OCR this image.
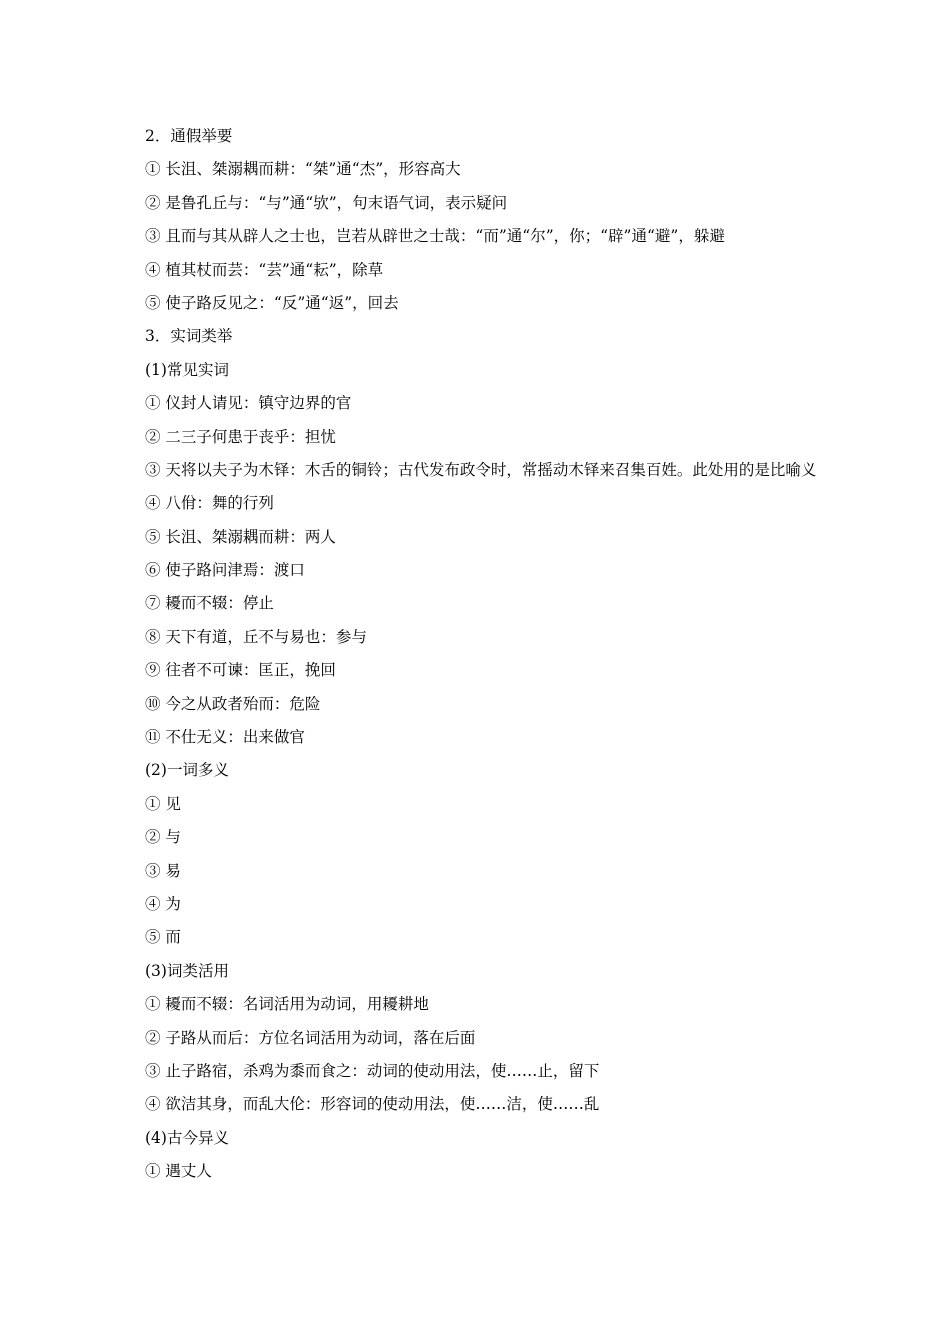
2．通假举要
① 长沮、桀溺耦而耕：“桀”通“杰”，形容高大
② 是鲁孔丘与：“与”通“欤”，句末语气词，表示疑问
③ 且而与其从辟人之士也，岂若从辟世之士哉：“而”通“尔”，你；“辟”通“避”，躲避
④ 植其杖而芸：“芸”通“耘”，除草
⑤ 使子路反见之：“反”通“返”，回去
3．实词类举
(1)常见实词
① 仪封人请见：镇守边界的官
② 二三子何患于丧乎：担忧
③ 天将以夫子为木铎：木舌的铜铃；古代发布政令时，常摇动木铎来召集百姓。此处用的是比喻义
④ 八佾：舞的行列
⑤ 长沮、桀溺耦而耕：两人
⑥ 使子路问津焉：渡口
⑦ 耰而不辍：停止
⑧ 天下有道，丘不与易也：参与
⑨ 往者不可谏：匡正，挽回
⑩ 今之从政者殆而：危险
⑪ 不仕无义：出来做官
(2)一词多义
① 见
② 与
③ 易
④ 为
⑤ 而
(3)词类活用
① 耰而不辍：名词活用为动词，用耰耕地
② 子路从而后：方位名词活用为动词，落在后面
③ 止子路宿，杀鸡为黍而食之：动词的使动用法，使……止，留下
④ 欲洁其身，而乱大伦：形容词的使动用法，使……洁，使……乱
(4)古今异义
① 遇丈人
